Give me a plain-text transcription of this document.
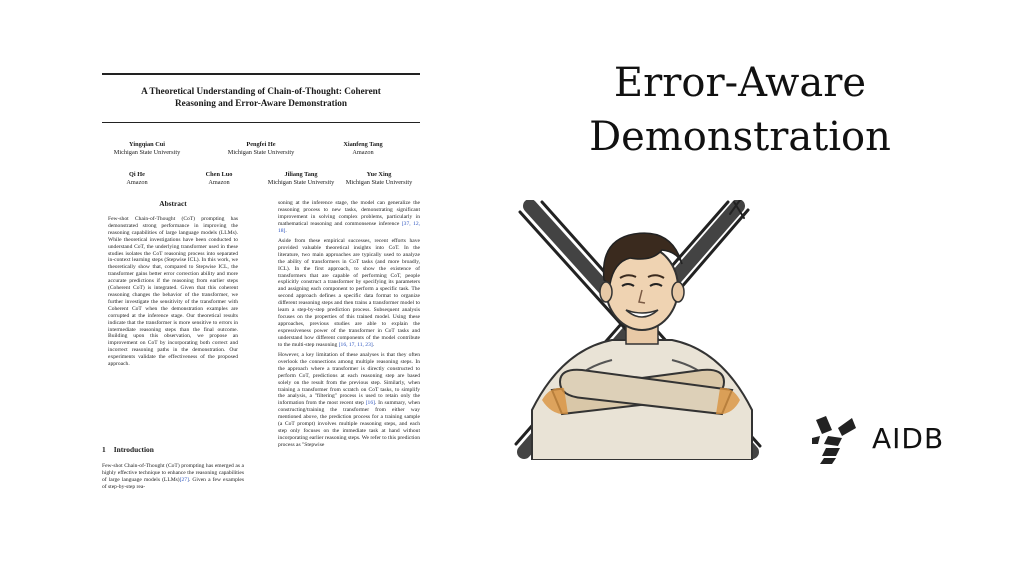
A Theoretical Understanding of Chain-of-Thought: Coherent
Reasoning and Error-Aware Demonstration
Yingqian Cui
Michigan State University
Pengfei He
Michigan State University
Xianfeng Tang
Amazon
Qi He
Amazon
Chen Luo
Amazon
Jiliang Tang
Michigan State University
Yue Xing
Michigan State University
Abstract

Few-shot Chain-of-Thought (CoT) prompting has demonstrated strong performance in improving the reasoning capabilities of large language models (LLMs). While theoretical investigations have been conducted to understand CoT, the underlying transformer used in these studies isolates the CoT reasoning process into separated in-context learning steps (Stepwise ICL). In this work, we theoretically show that, compared to Stepwise ICL, the transformer gains better error correction ability and more accurate predictions if the reasoning from earlier steps (Coherent CoT) is integrated. Given that this coherent reasoning changes the behavior of the transformer, we further investigate the sensitivity of the transformer with Coherent CoT when the demonstration examples are corrupted at the inference stage. Our theoretical results indicate that the transformer is more sensitive to errors in intermediate reasoning steps than the final outcome. Building upon this observation, we propose an improvement on CoT by incorporating both correct and incorrect reasoning paths in the demonstration. Our experiments validate the effectiveness of the proposed approach.

1 Introduction

Few-shot Chain-of-Thought (CoT) prompting has emerged as a highly effective technique to enhance the reasoning capabilities of large language models (LLMs)[27]. Given a few examples of step-by-step rea-

soning at the inference stage, the model can generalize the reasoning process to new tasks, demonstrating significant improvement in solving complex problems, particularly in mathematical reasoning and commonsense inference [37, 12, 18].

Aside from these empirical successes, recent efforts have provided valuable theoretical insights into CoT. In the literature, two main approaches are typically used to analyze the ability of transformers in CoT tasks (and more broadly, ICL). In the first approach, to show the existence of transformers that are capable of performing CoT, people explicitly construct a transformer by specifying its parameters and assigning each component to perform a specific task. The second approach defines a specific data format to organize different reasoning steps and then trains a transformer model to learn a step-by-step prediction process. Subsequent analysis focuses on the properties of this trained model. Using these approaches, previous studies are able to explain the expressiveness power of the transformer in CoT tasks and understand how different components of the model contribute to the multi-step reasoning [16, 17, 11, 23].

However, a key limitation of these analyses is that they often overlook the connections among multiple reasoning steps. In the approach where a transformer is directly constructed to perform CoT, predictions at each reasoning step are based solely on the result from the previous step. Similarly, when training a transformer from scratch on CoT tasks, to simplify the analysis, a "filtering" process is used to retain only the information from the most recent step [16]. In summary, when constructing/training the transformer from either way mentioned above, the prediction process for a training sample (a CoT prompt) involves multiple reasoning steps, and each step only focuses on the immediate task at hand without incorporating earlier reasoning steps. We refer to this prediction process as "Stepwise

Error-Aware
Demonstration
AIDB
